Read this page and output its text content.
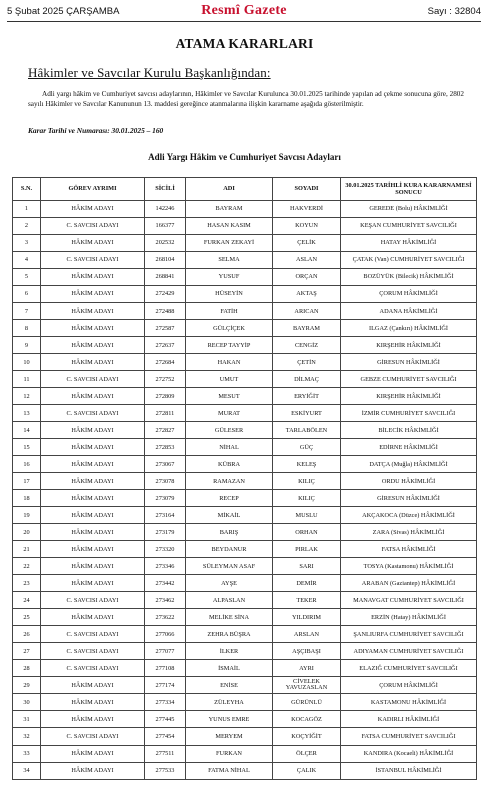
5 Şubat 2025 ÇARŞAMBA	Resmî Gazete	Sayı : 32804
ATAMA KARARLARI
Hâkimler ve Savcılar Kurulu Başkanlığından:
Adli yargı hâkim ve Cumhuriyet savcısı adaylarının, Hâkimler ve Savcılar Kurulunca 30.01.2025 tarihinde yapılan ad çekme sonucuna göre, 2802 sayılı Hâkimler ve Savcılar Kanununun 13. maddesi gereğince atanmalarına ilişkin kararname aşağıda gösterilmiştir.
Karar Tarihi ve Numarası: 30.01.2025 – 160
Adli Yargı Hâkim ve Cumhuriyet Savcısı Adayları
S.N.	GÖREV AYRIMI	SİCİLİ	ADI	SOYADI	30.01.2025 TARİHLİ KURA KARARNAMESİ SONUCU
1	HÂKİM ADAYI	142246	BAYRAM	HAKVERDİ	GEREDE (Bolu) HÂKİMLİĞİ
2	C. SAVCISI ADAYI	166377	HASAN KASIM	KOYUN	KEŞAN CUMHURİYET SAVCILIĞI
3	HÂKİM ADAYI	202532	FURKAN ZEKAYİ	ÇELİK	HATAY HÂKİMLİĞİ
4	C. SAVCISI ADAYI	268104	SELMA	ASLAN	ÇATAK (Van) CUMHURİYET SAVCILIĞI
5	HÂKİM ADAYI	268841	YUSUF	ORÇAN	BOZÜYÜK (Bilecik) HÂKİMLİĞİ
6	HÂKİM ADAYI	272429	HÜSEYİN	AKTAŞ	ÇORUM HÂKİMLİĞİ
7	HÂKİM ADAYI	272488	FATİH	ARICAN	ADANA HÂKİMLİĞİ
8	HÂKİM ADAYI	272587	GÜLÇİÇEK	BAYRAM	ILGAZ (Çankırı) HÂKİMLİĞİ
9	HÂKİM ADAYI	272637	RECEP TAYYİP	CENGİZ	KIRŞEHİR HÂKİMLİĞİ
10	HÂKİM ADAYI	272684	HAKAN	ÇETİN	GİRESUN HÂKİMLİĞİ
11	C. SAVCISI ADAYI	272752	UMUT	DİLMAÇ	GEBZE CUMHURİYET SAVCILIĞI
12	HÂKİM ADAYI	272809	MESUT	ERYİĞİT	KIRŞEHİR HÂKİMLİĞİ
13	C. SAVCISI ADAYI	272811	MURAT	ESKİYURT	İZMİR CUMHURİYET SAVCILIĞI
14	HÂKİM ADAYI	272827	GÜLESER	TARLABÖLEN	BİLECİK HÂKİMLİĞİ
15	HÂKİM ADAYI	272853	NİHAL	GÜÇ	EDİRNE HÂKİMLİĞİ
16	HÂKİM ADAYI	273067	KÜBRA	KELEŞ	DATÇA (Muğla) HÂKİMLİĞİ
17	HÂKİM ADAYI	273078	RAMAZAN	KILIÇ	ORDU HÂKİMLİĞİ
18	HÂKİM ADAYI	273079	RECEP	KILIÇ	GİRESUN HÂKİMLİĞİ
19	HÂKİM ADAYI	273164	MİKAİL	MUSLU	AKÇAKOCA (Düzce) HÂKİMLİĞİ
20	HÂKİM ADAYI	273179	BARIŞ	ORHAN	ZARA (Sivas) HÂKİMLİĞİ
21	HÂKİM ADAYI	273320	BEYDANUR	PIRLAK	FATSA HÂKİMLİĞİ
22	HÂKİM ADAYI	273346	SÜLEYMAN ASAF	SARI	TOSYA (Kastamonu) HÂKİMLİĞİ
23	HÂKİM ADAYI	273442	AYŞE	DEMİR	ARABAN (Gaziantep) HÂKİMLİĞİ
24	C. SAVCISI ADAYI	273462	ALPASLAN	TEKER	MANAVGAT CUMHURİYET SAVCILIĞI
25	HÂKİM ADAYI	273622	MELİKE SİNA	YILDIRIM	ERZİN (Hatay) HÂKİMLİĞİ
26	C. SAVCISI ADAYI	277066	ZEHRA BÜŞRA	ARSLAN	ŞANLIURFA CUMHURİYET SAVCILIĞI
27	C. SAVCISI ADAYI	277077	İLKER	AŞÇIBAŞI	ADIYAMAN CUMHURİYET SAVCILIĞI
28	C. SAVCISI ADAYI	277108	İSMAİL	AYRI	ELAZIĞ CUMHURİYET SAVCILIĞI
29	HÂKİM ADAYI	277174	ENİSE	CİVELEK YAVUZASLAN	ÇORUM HÂKİMLİĞİ
30	HÂKİM ADAYI	277334	ZÜLEYHA	GÜRÜNLÜ	KASTAMONU HÂKİMLİĞİ
31	HÂKİM ADAYI	277445	YUNUS EMRE	KOCAGÖZ	KADIRLI HÂKİMLİĞİ
32	C. SAVCISI ADAYI	277454	MERYEM	KOÇYİĞİT	FATSA CUMHURİYET SAVCILIĞI
33	HÂKİM ADAYI	277511	FURKAN	ÖLÇER	KANDIRA (Kocaeli) HÂKİMLİĞİ
34	HÂKİM ADAYI	277533	FATMA NİHAL	ÇALIK	İSTANBUL HÂKİMLİĞİ
